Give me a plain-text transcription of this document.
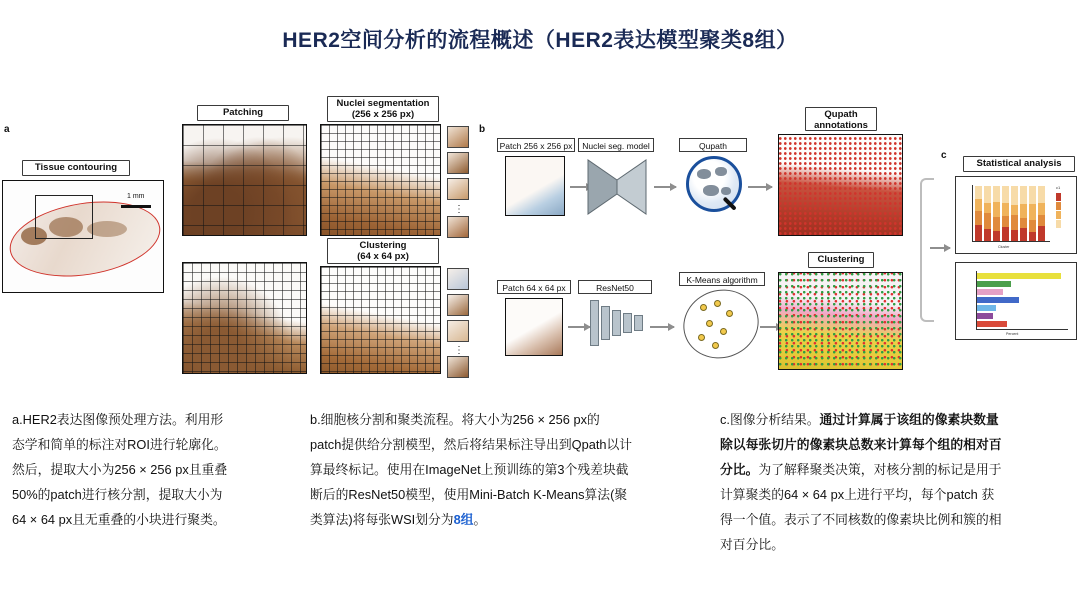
HER2空间分析的流程概述（HER2表达模型聚类8组）
a
Tissue contouring
1 mm
Patching
Nuclei segmentation
(256 x 256 px)
Clustering
(64 x 64 px)
⋮
⋮
b
Patch 256 x 256 px	Nuclei seg. model	Qupath
Qupath
annotations
Patch 64 x 64 px	ResNet50
K-Means algorithm
Clustering
c
Statistical analysis
c1
Cluster
Percent
a.HER2表达图像预处理方法。利用形
态学和简单的标注对ROI进行轮廓化。
然后，提取大小为256 × 256 px且重叠
50%的patch进行核分割，提取大小为
64 × 64 px且无重叠的小块进行聚类。
b.细胞核分割和聚类流程。将大小为256 × 256 px的
patch提供给分割模型，然后将结果标注导出到Qpath以计
算最终标记。使用在ImageNet上预训练的第3个残差块截
断后的ResNet50模型，使用Mini-Batch K-Means算法(聚
类算法)将每张WSI划分为8组。
c.图像分析结果。通过计算属于该组的像素块数量
除以每张切片的像素块总数来计算每个组的相对百
分比。为了解释聚类决策，对核分割的标记是用于
计算聚类的64 × 64 px上进行平均，每个patch 获
得一个值。表示了不同核数的像素块比例和簇的相
对百分比。
